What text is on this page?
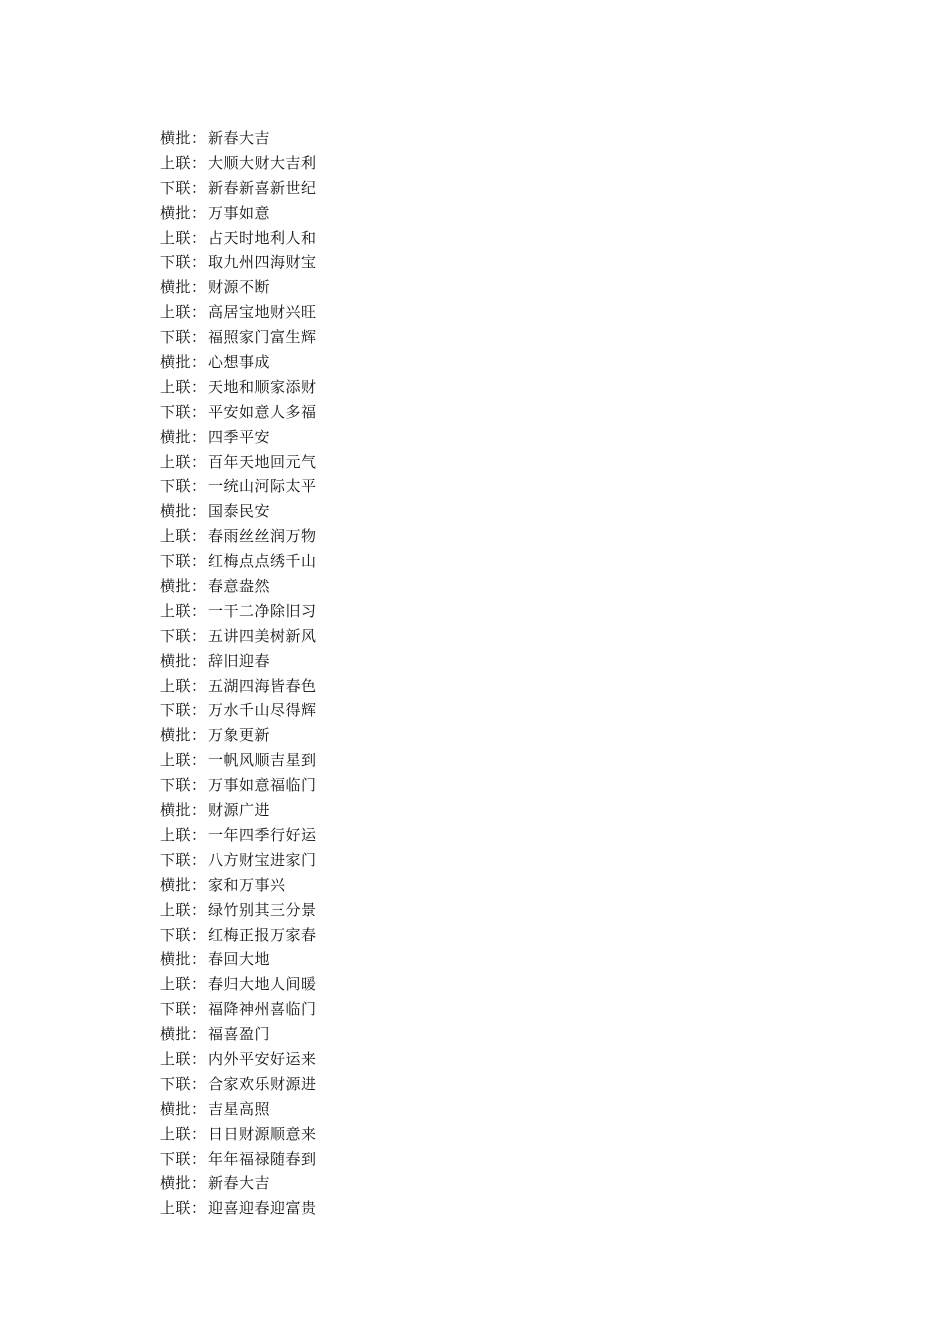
横批： 新春大吉
上联： 大顺大财大吉利
下联： 新春新喜新世纪
横批： 万事如意
上联： 占天时地利人和
下联： 取九州四海财宝
横批： 财源不断
上联： 高居宝地财兴旺
下联： 福照家门富生辉
横批： 心想事成
上联： 天地和顺家添财
下联： 平安如意人多福
横批： 四季平安
上联： 百年天地回元气
下联： 一统山河际太平
横批： 国泰民安
上联： 春雨丝丝润万物
下联： 红梅点点绣千山
横批： 春意盎然
上联： 一干二净除旧习
下联： 五讲四美树新风
横批： 辞旧迎春
上联： 五湖四海皆春色
下联： 万水千山尽得辉
横批： 万象更新
上联： 一帆风顺吉星到
下联： 万事如意福临门
横批： 财源广进
上联： 一年四季行好运
下联： 八方财宝进家门
横批： 家和万事兴
上联： 绿竹别其三分景
下联： 红梅正报万家春
横批： 春回大地
上联： 春归大地人间暖
下联： 福降神州喜临门
横批： 福喜盈门
上联： 内外平安好运来
下联： 合家欢乐财源进
横批： 吉星高照
上联： 日日财源顺意来
下联： 年年福禄随春到
横批： 新春大吉
上联： 迎喜迎春迎富贵
